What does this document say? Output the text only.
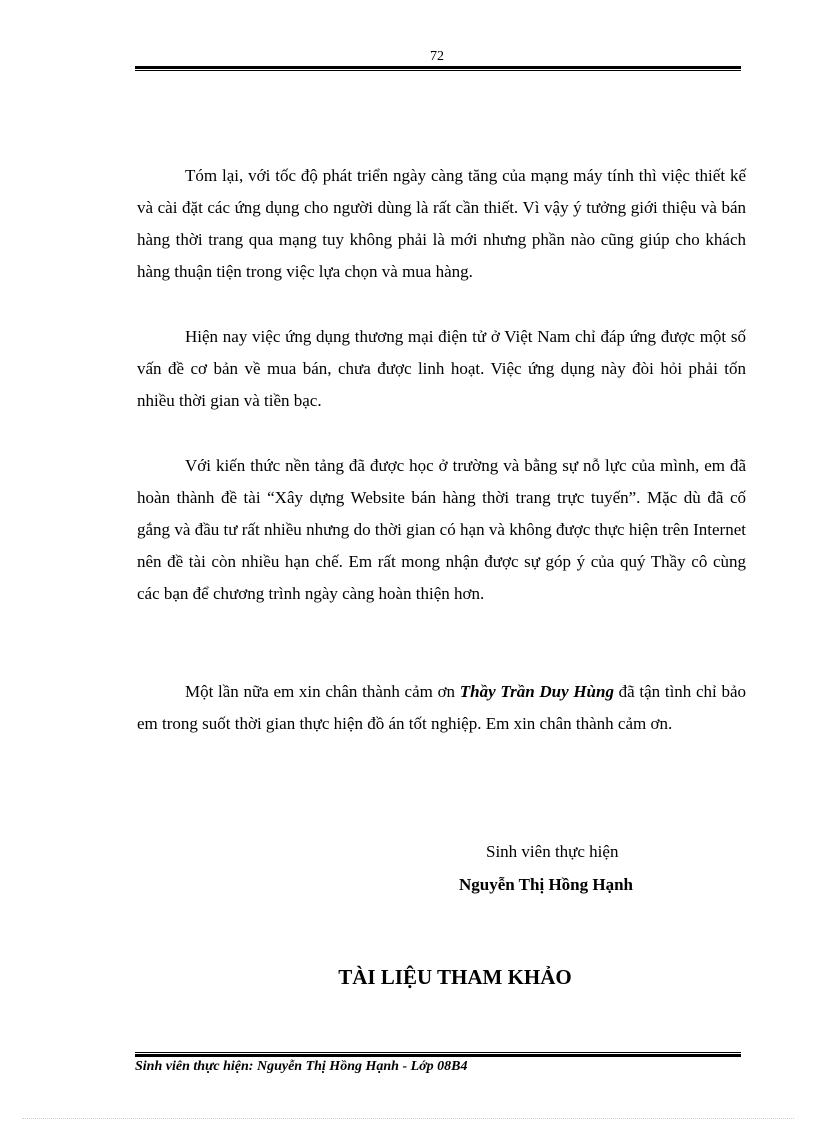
72

Tóm lại, với tốc độ phát triển ngày càng tăng của mạng máy tính thì việc thiết kế và cài đặt các ứng dụng cho người dùng là rất cần thiết. Vì vậy ý tưởng giới thiệu và bán hàng thời trang qua mạng tuy không phải là mới nhưng phần nào cũng giúp cho khách hàng thuận tiện trong việc lựa chọn và mua hàng.

Hiện nay việc ứng dụng thương mại điện tử ở Việt Nam chỉ đáp ứng được một số vấn đề cơ bản về mua bán, chưa được linh hoạt. Việc ứng dụng này đòi hỏi phải tốn nhiều thời gian và tiền bạc.

Với kiến thức nền tảng đã được học ở trường và bằng sự nỗ lực của mình, em đã hoàn thành đề tài “Xây dựng Website bán hàng thời trang trực tuyến”. Mặc dù đã cố gắng và đầu tư rất nhiều nhưng do thời gian có hạn và không được thực hiện trên Internet nên đề tài còn nhiều hạn chế. Em rất mong nhận được sự góp ý của quý Thầy cô cùng các bạn để chương trình ngày càng hoàn thiện hơn.

Một lần nữa em xin chân thành cảm ơn Thầy Trần Duy Hùng đã tận tình chỉ bảo em trong suốt thời gian thực hiện đồ án tốt nghiệp. Em xin chân thành cảm ơn.

Sinh viên thực hiện
Nguyễn Thị Hồng Hạnh
TÀI LIỆU THAM KHẢO
Sinh viên thực hiện: Nguyễn Thị Hồng Hạnh - Lớp 08B4
